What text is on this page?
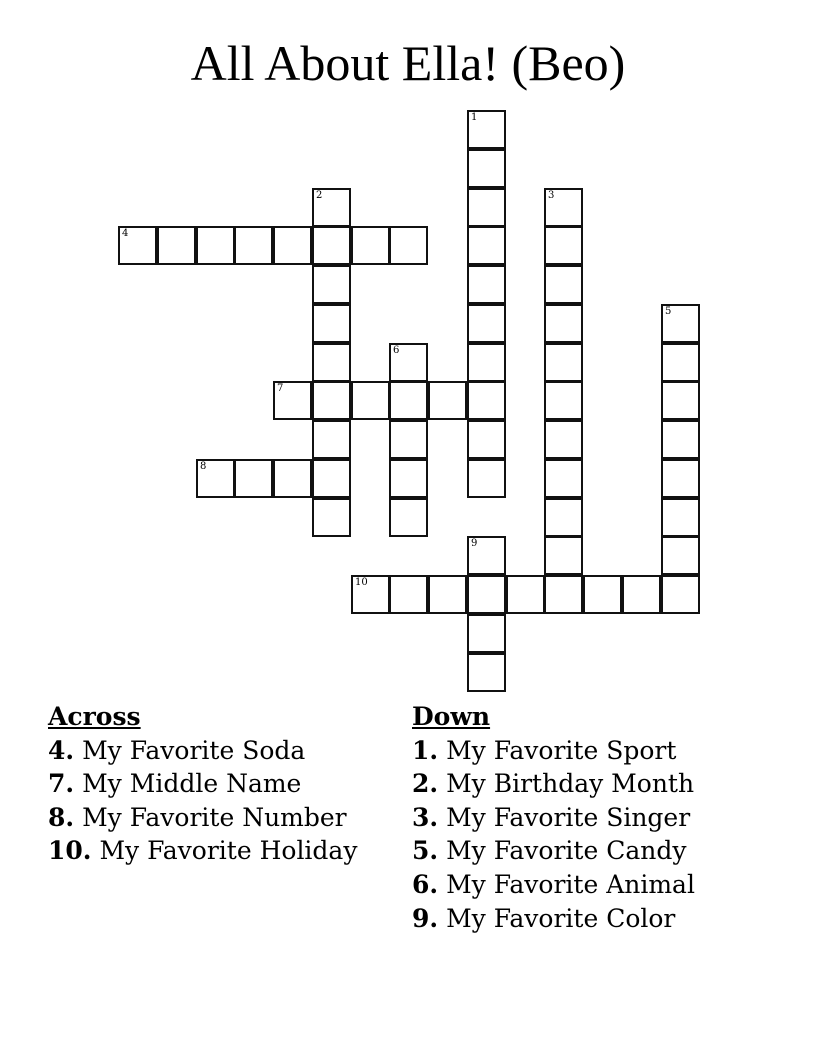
All About Ella! (Beo)
1
2	3
4
5
6
7
8
9
10
Across
4. My Favorite Soda
7. My Middle Name
8. My Favorite Number
10. My Favorite Holiday
Down
1. My Favorite Sport
2. My Birthday Month
3. My Favorite Singer
5. My Favorite Candy
6. My Favorite Animal
9. My Favorite Color
